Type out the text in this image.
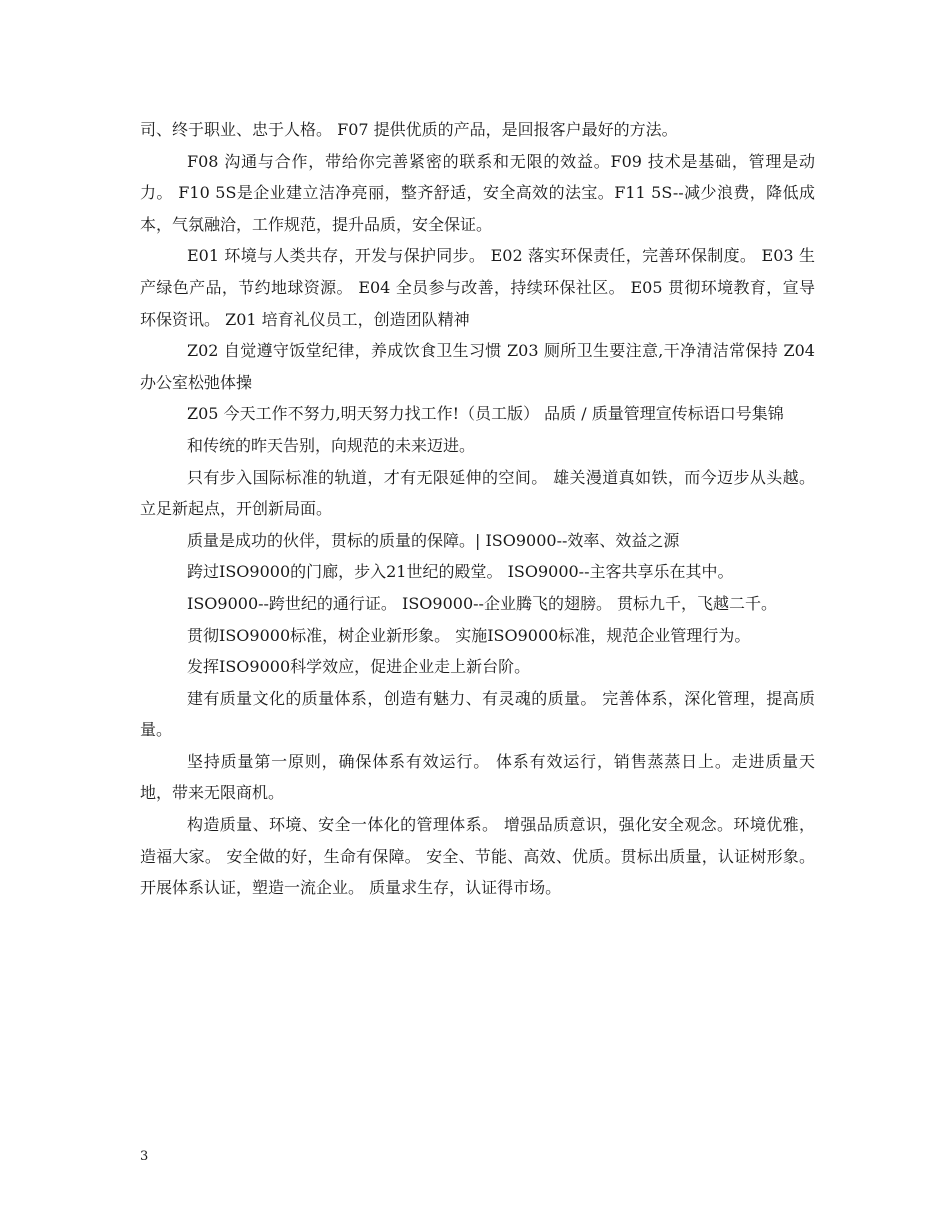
司、终于职业、忠于人格。 F07 提供优质的产品，是回报客户最好的方法。

F08 沟通与合作，带给你完善紧密的联系和无限的效益。F09 技术是基础，管理是动力。 F10 5S是企业建立洁净亮丽，整齐舒适，安全高效的法宝。F11 5S--减少浪费，降低成本，气氛融洽，工作规范，提升品质，安全保证。

E01 环境与人类共存，开发与保护同步。 E02 落实环保责任，完善环保制度。 E03 生产绿色产品，节约地球资源。 E04 全员参与改善，持续环保社区。 E05 贯彻环境教育，宣导环保资讯。 Z01 培育礼仪员工，创造团队精神

Z02 自觉遵守饭堂纪律，养成饮食卫生习惯 Z03 厕所卫生要注意,干净清洁常保持 Z04 办公室松弛体操

Z05 今天工作不努力,明天努力找工作!（员工版） 品质 / 质量管理宣传标语口号集锦

和传统的昨天告别，向规范的未来迈进。

只有步入国际标准的轨道，才有无限延伸的空间。 雄关漫道真如铁，而今迈步从头越。 立足新起点，开创新局面。

质量是成功的伙伴，贯标的质量的保障。| ISO9000--效率、效益之源

跨过ISO9000的门廊，步入21世纪的殿堂。 ISO9000--主客共享乐在其中。

ISO9000--跨世纪的通行证。 ISO9000--企业腾飞的翅膀。 贯标九千，飞越二千。

贯彻ISO9000标准，树企业新形象。 实施ISO9000标准，规范企业管理行为。

发挥ISO9000科学效应，促进企业走上新台阶。

建有质量文化的质量体系，创造有魅力、有灵魂的质量。 完善体系，深化管理，提高质量。

坚持质量第一原则，确保体系有效运行。 体系有效运行，销售蒸蒸日上。走进质量天地，带来无限商机。

构造质量、环境、安全一体化的管理体系。 增强品质意识，强化安全观念。环境优雅，造福大家。 安全做的好，生命有保障。 安全、节能、高效、优质。贯标出质量，认证树形象。 开展体系认证，塑造一流企业。 质量求生存，认证得市场。

3
